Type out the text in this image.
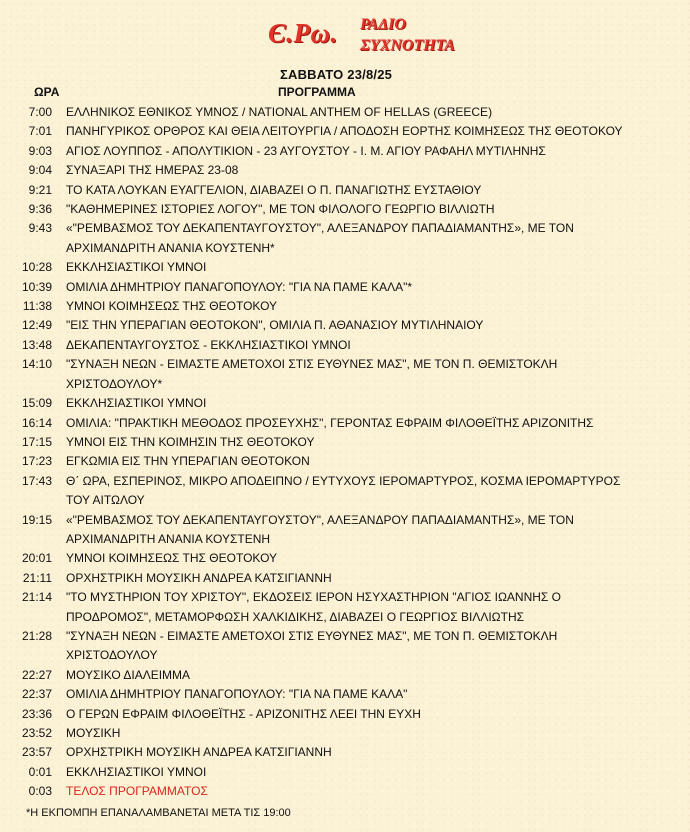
Є.Ρω. ΡΑΔΙΟ
ΣΥΧΝΟΤΗΤΑ
ΣΑΒΒΑΤΟ 23/8/25
ΩΡΑ	ΠΡΟΓΡΑΜΜΑ
7:00	ΕΛΛΗΝΙΚΟΣ ΕΘΝΙΚΟΣ ΥΜΝΟΣ / NATIONAL ANTHEM OF HELLAS (GREECE)
7:01	ΠΑΝΗΓΥΡΙΚΟΣ ΟΡΘΡΟΣ ΚΑΙ ΘΕΙΑ ΛΕΙΤΟΥΡΓΙΑ / ΑΠΟΔΟΣΗ ΕΟΡΤΗΣ ΚΟΙΜΗΣΕΩΣ ΤΗΣ ΘΕΟΤΟΚΟΥ
9:03	ΑΓΙΟΣ ΛΟΥΠΠΟΣ - ΑΠΟΛΥΤΙΚΙΟΝ - 23 ΑΥΓΟΥΣΤΟΥ - Ι. Μ. ΑΓΙΟΥ ΡΑΦΑΗΛ ΜΥΤΙΛΗΝΗΣ
9:04	ΣΥΝΑΞΑΡΙ ΤΗΣ ΗΜΕΡΑΣ 23-08
9:21	ΤΟ ΚΑΤΑ ΛΟΥΚΑΝ ΕΥΑΓΓΕΛΙΟΝ, ΔΙΑΒΑΖΕΙ Ο Π. ΠΑΝΑΓΙΩΤΗΣ ΕΥΣΤΑΘΙΟΥ
9:36	"ΚΑΘΗΜΕΡΙΝΕΣ ΙΣΤΟΡΙΕΣ ΛΟΓΟΥ", ΜΕ ΤΟΝ ΦΙΛΟΛΟΓΟ ΓΕΩΡΓΙΟ ΒΙΛΛΙΩΤΗ
9:43	«"ΡΕΜΒΑΣΜΟΣ ΤΟΥ ΔΕΚΑΠΕΝΤΑΥΓΟΥΣΤΟΥ", ΑΛΕΞΑΝΔΡΟΥ ΠΑΠΑΔΙΑΜΑΝΤΗΣ», ΜΕ ΤΟΝ ΑΡΧΙΜΑΝΔΡΙΤΗ ΑΝΑΝΙΑ ΚΟΥΣΤΕΝΗ*
10:28	ΕΚΚΛΗΣΙΑΣΤΙΚΟΙ ΥΜΝΟΙ
10:39	ΟΜΙΛΙΑ ΔΗΜΗΤΡΙΟΥ ΠΑΝΑΓΟΠΟΥΛΟΥ: "ΓΙΑ ΝΑ ΠΑΜΕ ΚΑΛΑ"*
11:38	ΥΜΝΟΙ ΚΟΙΜΗΣΕΩΣ ΤΗΣ ΘΕΟΤΟΚΟΥ
12:49	"ΕΙΣ ΤΗΝ ΥΠΕΡΑΓΙΑΝ ΘΕΟΤΟΚΟΝ", ΟΜΙΛΙΑ Π. ΑΘΑΝΑΣΙΟΥ ΜΥΤΙΛΗΝΑΙΟΥ
13:48	ΔΕΚΑΠΕΝΤΑΥΓΟΥΣΤΟΣ - ΕΚΚΛΗΣΙΑΣΤΙΚΟΙ ΥΜΝΟΙ
14:10	"ΣΥΝΑΞΗ ΝΕΩΝ - ΕΙΜΑΣΤΕ ΑΜΕΤΟΧΟΙ ΣΤΙΣ ΕΥΘΥΝΕΣ ΜΑΣ", ΜΕ ΤΟΝ Π. ΘΕΜΙΣΤΟΚΛΗ ΧΡΙΣΤΟΔΟΥΛΟΥ*
15:09	ΕΚΚΛΗΣΙΑΣΤΙΚΟΙ ΥΜΝΟΙ
16:14	ΟΜΙΛΙΑ: "ΠΡΑΚΤΙΚΗ ΜΕΘΟΔΟΣ ΠΡΟΣΕΥΧΗΣ", ΓΕΡΟΝΤΑΣ ΕΦΡΑΙΜ ΦΙΛΟΘΕΪΤΗΣ ΑΡΙΖΟΝΙΤΗΣ
17:15	ΥΜΝΟΙ ΕΙΣ ΤΗΝ ΚΟΙΜΗΣΙΝ ΤΗΣ ΘΕΟΤΟΚΟΥ
17:23	ΕΓΚΩΜΙΑ ΕΙΣ ΤΗΝ ΥΠΕΡΑΓΙΑΝ ΘΕΟΤΟΚΟΝ
17:43	Θ΄ ΩΡΑ, ΕΣΠΕΡΙΝΟΣ, ΜΙΚΡΟ ΑΠΟΔΕΙΠΝΟ / ΕΥΤΥΧΟΥΣ ΙΕΡΟΜΑΡΤΥΡΟΣ, ΚΟΣΜΑ ΙΕΡΟΜΑΡΤΥΡΟΣ ΤΟΥ ΑΙΤΩΛΟΥ
19:15	«"ΡΕΜΒΑΣΜΟΣ ΤΟΥ ΔΕΚΑΠΕΝΤΑΥΓΟΥΣΤΟΥ", ΑΛΕΞΑΝΔΡΟΥ ΠΑΠΑΔΙΑΜΑΝΤΗΣ», ΜΕ ΤΟΝ ΑΡΧΙΜΑΝΔΡΙΤΗ ΑΝΑΝΙΑ ΚΟΥΣΤΕΝΗ
20:01	ΥΜΝΟΙ ΚΟΙΜΗΣΕΩΣ ΤΗΣ ΘΕΟΤΟΚΟΥ
21:11	ΟΡΧΗΣΤΡΙΚΗ ΜΟΥΣΙΚΗ ΑΝΔΡΕΑ ΚΑΤΣΙΓΙΑΝΝΗ
21:14	"ΤΟ ΜΥΣΤΗΡΙΟΝ ΤΟΥ ΧΡΙΣΤΟΥ", ΕΚΔΟΣΕΙΣ ΙΕΡΟΝ ΗΣΥΧΑΣΤΗΡΙΟΝ "ΑΓΙΟΣ ΙΩΑΝΝΗΣ Ο ΠΡΟΔΡΟΜΟΣ", ΜΕΤΑΜΟΡΦΩΣΗ ΧΑΛΚΙΔΙΚΗΣ, ΔΙΑΒΑΖΕΙ Ο ΓΕΩΡΓΙΟΣ ΒΙΛΛΙΩΤΗΣ
21:28	"ΣΥΝΑΞΗ ΝΕΩΝ - ΕΙΜΑΣΤΕ ΑΜΕΤΟΧΟΙ ΣΤΙΣ ΕΥΘΥΝΕΣ ΜΑΣ", ΜΕ ΤΟΝ Π. ΘΕΜΙΣΤΟΚΛΗ ΧΡΙΣΤΟΔΟΥΛΟΥ
22:27	ΜΟΥΣΙΚΟ ΔΙΑΛΕΙΜΜΑ
22:37	ΟΜΙΛΙΑ ΔΗΜΗΤΡΙΟΥ ΠΑΝΑΓΟΠΟΥΛΟΥ: "ΓΙΑ ΝΑ ΠΑΜΕ ΚΑΛΑ"
23:36	Ο ΓΕΡΩΝ ΕΦΡΑΙΜ ΦΙΛΟΘΕΪΤΗΣ - ΑΡΙΖΟΝΙΤΗΣ ΛΕΕΙ ΤΗΝ ΕΥΧΗ
23:52	ΜΟΥΣΙΚΗ
23:57	ΟΡΧΗΣΤΡΙΚΗ ΜΟΥΣΙΚΗ ΑΝΔΡΕΑ ΚΑΤΣΙΓΙΑΝΝΗ
0:01	ΕΚΚΛΗΣΙΑΣΤΙΚΟΙ ΥΜΝΟΙ
0:03	ΤΕΛΟΣ ΠΡΟΓΡΑΜΜΑΤΟΣ
*Η ΕΚΠΟΜΠΗ ΕΠΑΝΑΛΑΜΒΑΝΕΤΑΙ ΜΕΤΑ ΤΙΣ 19:00
